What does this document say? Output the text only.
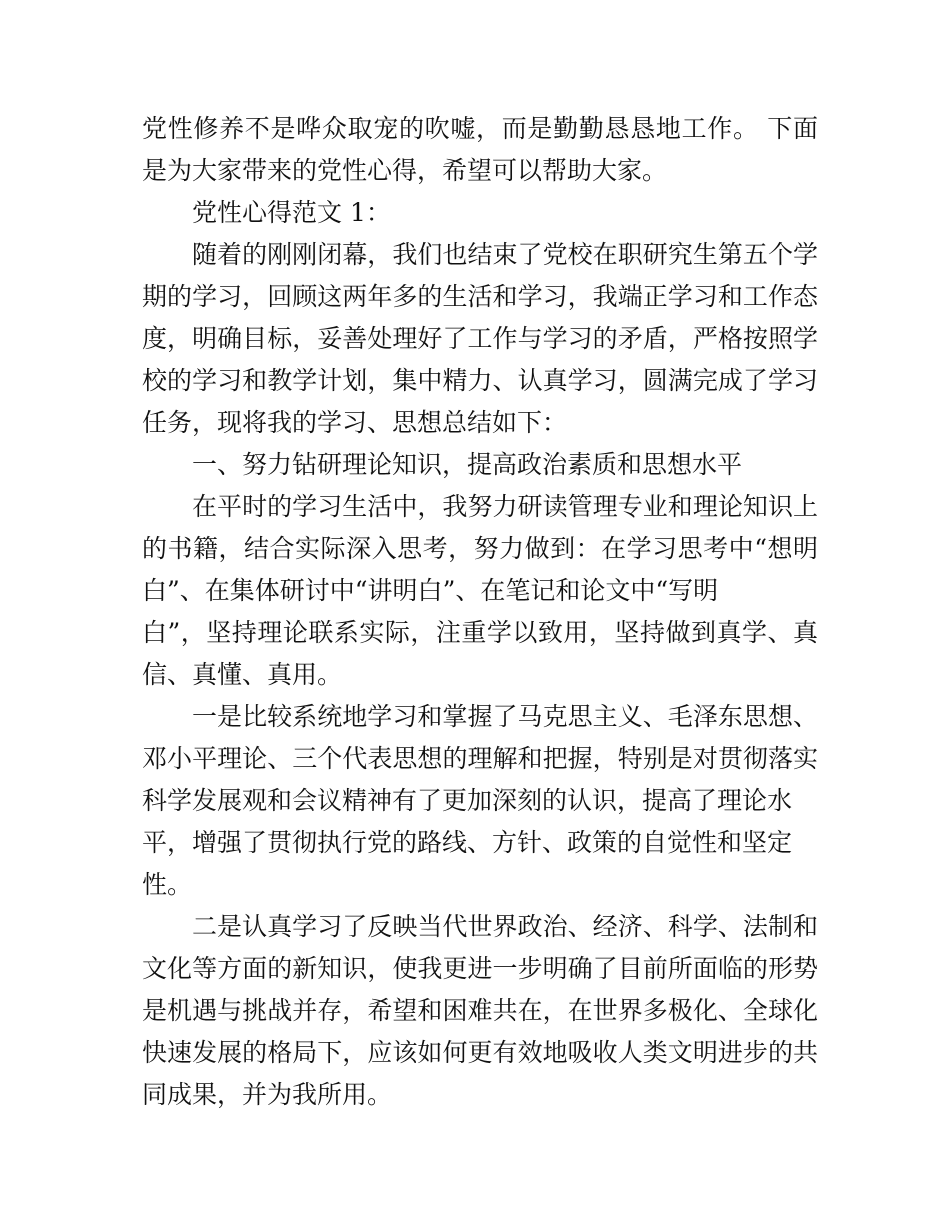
党性修养不是哗众取宠的吹嘘，而是勤勤恳恳地工作。 下面
是为大家带来的党性心得，希望可以帮助大家。
党性心得范文 1：
随着的刚刚闭幕，我们也结束了党校在职研究生第五个学
期的学习，回顾这两年多的生活和学习，我端正学习和工作态
度，明确目标，妥善处理好了工作与学习的矛盾，严格按照学
校的学习和教学计划，集中精力、认真学习，圆满完成了学习
任务，现将我的学习、思想总结如下：
一、努力钻研理论知识，提高政治素质和思想水平
在平时的学习生活中，我努力研读管理专业和理论知识上
的书籍，结合实际深入思考，努力做到：在学习思考中“想明
白”、在集体研讨中“讲明白”、在笔记和论文中“写明
白”，坚持理论联系实际，注重学以致用，坚持做到真学、真
信、真懂、真用。
一是比较系统地学习和掌握了马克思主义、毛泽东思想、
邓小平理论、三个代表思想的理解和把握，特别是对贯彻落实
科学发展观和会议精神有了更加深刻的认识，提高了理论水
平，增强了贯彻执行党的路线、方针、政策的自觉性和坚定
性。
二是认真学习了反映当代世界政治、经济、科学、法制和
文化等方面的新知识，使我更进一步明确了目前所面临的形势
是机遇与挑战并存，希望和困难共在，在世界多极化、全球化
快速发展的格局下，应该如何更有效地吸收人类文明进步的共
同成果，并为我所用。
